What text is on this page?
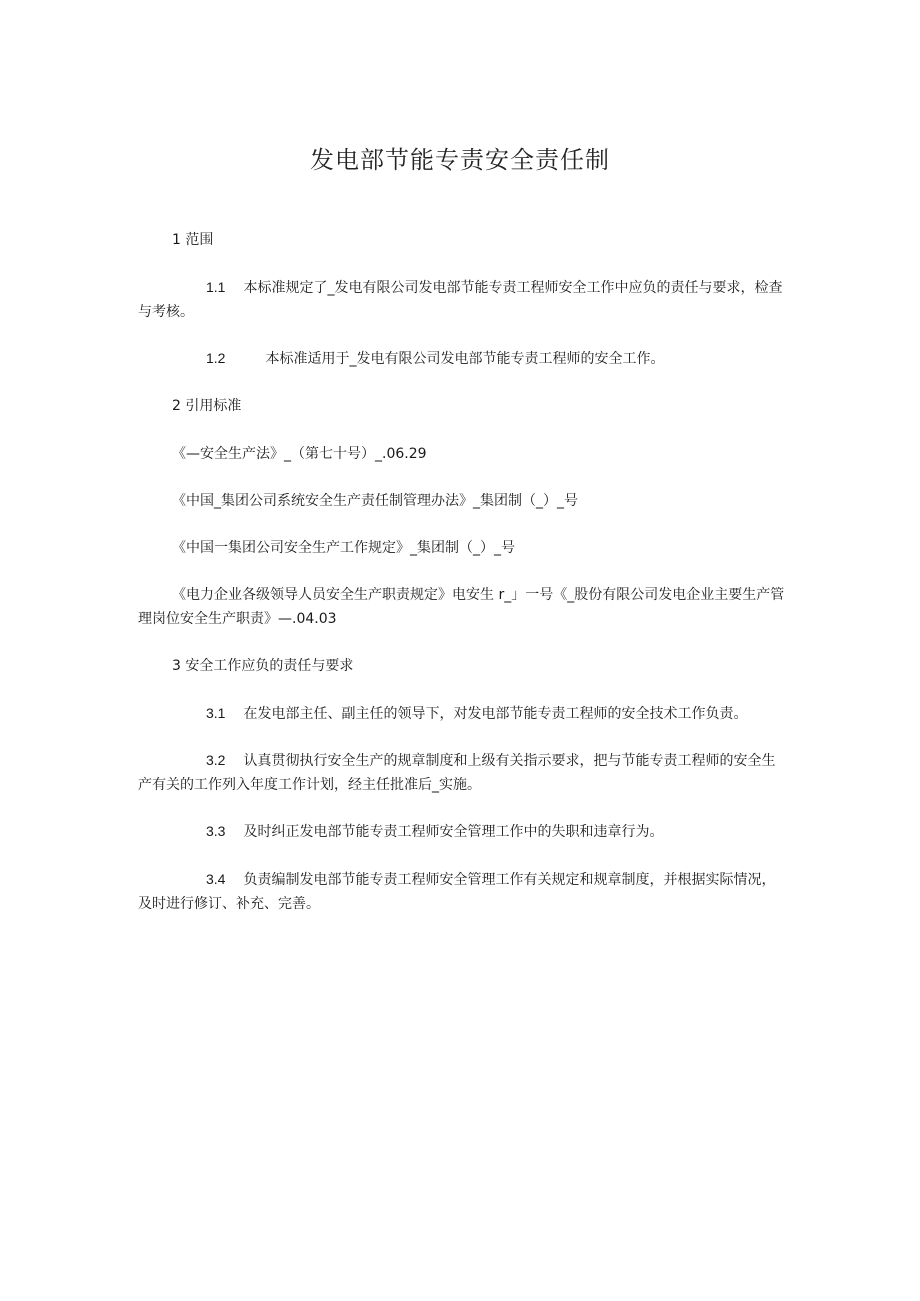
发电部节能专责安全责任制
1 范围
1.1 本标准规定了_发电有限公司发电部节能专责工程师安全工作中应负的责任与要求，检查与考核。
1.2	本标准适用于_发电有限公司发电部节能专责工程师的安全工作。
2 引用标准
《—安全生产法》_（第七十号）_.06.29
《中国_集团公司系统安全生产责任制管理办法》_集团制（_）_号
《中国一集团公司安全生产工作规定》_集团制（_）_号
《电力企业各级领导人员安全生产职责规定》电安生 r_」一号《_股份有限公司发电企业主要生产管理岗位安全生产职责》—.04.03
3 安全工作应负的责任与要求
3.1 在发电部主任、副主任的领导下，对发电部节能专责工程师的安全技术工作负责。
3.2 认真贯彻执行安全生产的规章制度和上级有关指示要求，把与节能专责工程师的安全生产有关的工作列入年度工作计划，经主任批准后_实施。
3.3 及时纠正发电部节能专责工程师安全管理工作中的失职和违章行为。
3.4 负责编制发电部节能专责工程师安全管理工作有关规定和规章制度，并根据实际情况，及时进行修订、补充、完善。
